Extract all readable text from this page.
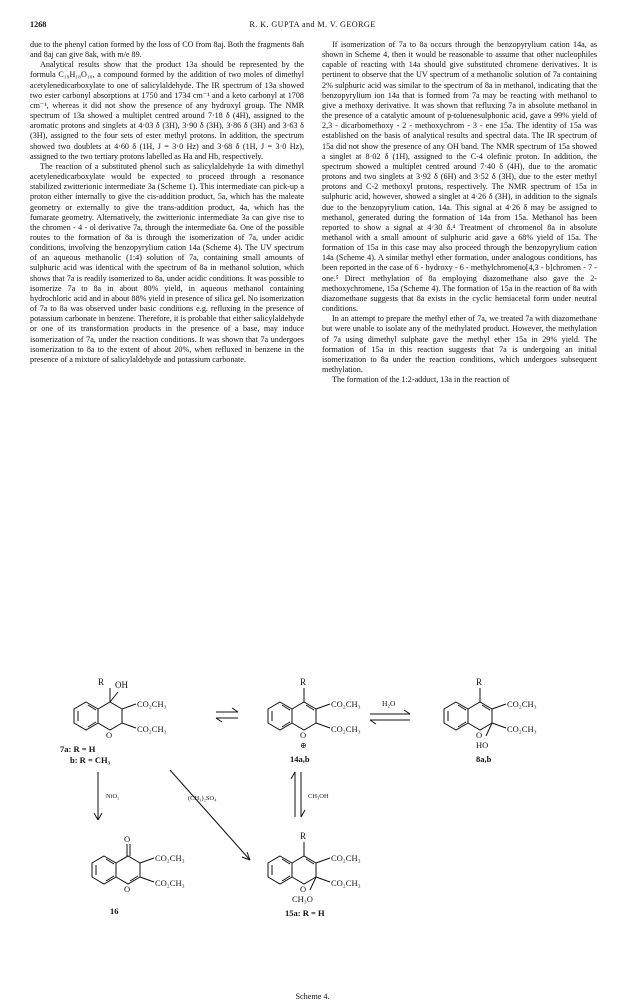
1268	R. K. GUPTA and M. V. GEORGE

due to the phenyl cation formed by the loss of CO from 8aj. Both the fragments 8ah and 8aj can give 8ak, with m/e 89.

Analytical results show that the product 13a should be represented by the formula C₁₉H₁₈O₁₀, a compound formed by the addition of two moles of dimethyl acetylenedicarboxylate to one of salicylaldehyde. The IR spectrum of 13a showed two ester carbonyl absorptions at 1750 and 1734 cm⁻¹ and a keto carbonyl at 1708 cm⁻¹, whereas it did not show the presence of any hydroxyl group. The NMR spectrum of 13a showed a multiplet centred around 7·18 δ (4H), assigned to the aromatic protons and singlets at 4·03 δ (3H), 3·90 δ (3H), 3·86 δ (3H) and 3·63 δ (3H), assigned to the four sets of ester methyl protons. In addition, the spectrum showed two doublets at 4·60 δ (1H, J = 3·0 Hz) and 3·68 δ (1H, J = 3·0 Hz), assigned to the two tertiary protons labelled as Ha and Hb, respectively.

The reaction of a substituted phenol such as salicylaldehyde 1a with dimethyl acetylenedicarboxylate would be expected to proceed through a resonance stabilized zwitterionic intermediate 3a (Scheme 1). This intermediate can pick-up a proton either internally to give the cis-addition product, 5a, which has the maleate geometry or externally to give the trans-addition product, 4a, which has the fumarate geometry. Alternatively, the zwitterionic intermediate 3a can give rise to the chromen - 4 - ol derivative 7a, through the intermediate 6a. One of the possible routes to the formation of 8a is through the isomerization of 7a, under acidic conditions, involving the benzopyrylium cation 14a (Scheme 4). The UV spectrum of an aqueous methanolic (1:4) solution of 7a, containing small amounts of sulphuric acid was identical with the spectrum of 8a in methanol solution, which shows that 7a is readily isomerized to 8a, under acidic conditions. It was possible to isomerize 7a to 8a in about 80% yield, in aqueous methanol containing hydrochloric acid and in about 88% yield in presence of silica gel. No isomerization of 7a to 8a was observed under basic conditions e.g. refluxing in the presence of potassium carbonate in benzene. Therefore, it is probable that either salicylaldehyde or one of its transformation products in the presence of a base, may induce isomerization of 7a, under the reaction conditions. It was shown that 7a undergoes isomerization to 8a to the extent of about 20%, when refluxed in benzene in the presence of a mixture of salicylaldehyde and potassium carbonate.

If isomerization of 7a to 8a occurs through the benzopyrylium cation 14a, as shown in Scheme 4, then it would be reasonable to assume that other nucleophiles capable of reacting with 14a should give substituted chromene derivatives. It is pertinent to observe that the UV spectrum of a methanolic solution of 7a containing 2% sulphuric acid was similar to the spectrum of 8a in methanol, indicating that the benzopyrylium ion 14a that is formed from 7a may be reacting with methanol to give a methoxy derivative. It was shown that refluxing 7a in absolute methanol in the presence of a catalytic amount of p-toluenesulphonic acid, gave a 99% yield of 2,3 - dicarbomethoxy - 2 - methoxychrom - 3 - ene 15a. The identity of 15a was established on the basis of analytical results and spectral data. The IR spectrum of 15a did not show the presence of any OH band. The NMR spectrum of 15a showed a singlet at 8·02 δ (1H), assigned to the C-4 olefinic proton. In addition, the spectrum showed a multiplet centred around 7·40 δ (4H), due to the aromatic protons and two singlets at 3·92 δ (6H) and 3·52 δ (3H), due to the ester methyl protons and C-2 methoxyl protons, respectively. The NMR spectrum of 15a in sulphuric acid, however, showed a singlet at 4·26 δ (3H), in addition to the signals due to the benzopyrylium cation, 14a. This signal at 4·26 δ may be assigned to methanol, generated during the formation of 14a from 15a. Methanol has been reported to show a signal at 4·30 δ.⁴ Treatment of chromenol 8a in absolute methanol with a small amount of sulphuric acid gave a 68% yield of 15a. The formation of 15a in this case may also proceed through the benzopyrylium cation 14a (Scheme 4). A similar methyl ether formation, under analogous conditions, has been reported in the case of 6 - hydroxy - 6 - methylchromeno[4,3 - b]chromen - 7 - one.⁵ Direct methylation of 8a employing diazomethane also gave the 2-methoxychromene, 15a (Scheme 4). The formation of 15a in the reaction of 8a with diazomethane suggests that 8a exists in the cyclic hemiacetal form under neutral conditions.

In an attempt to prepare the methyl ether of 7a, we treated 7a with diazomethane but were unable to isolate any of the methylated product. However, the methylation of 7a using dimethyl sulphate gave the methyl ether 15a in 29% yield. The formation of 15a in this reaction suggests that 7a is undergoing an initial isomerization to 8a under the reaction conditions, which undergoes subsequent methylation.

The formation of the 1:2-adduct, 13a in the reaction of

R OH
CO₂CH₃
CO₂CH₃
O
7a: R = H
b: R = CH₃
R
CO₂CH₃
CO₂CH₃
O
⊕
14a,b
H₂O
R
CO₂CH₃
CO₂CH₃
O
HO
8a,b
NiO₂	(CH₃)₂SO₄	CH₃OH
O
CO₂CH₃
CO₂CH₃
O
16
R
CO₂CH₃
CO₂CH₃
O
CH₃O
15a: R = H
Scheme 4.
